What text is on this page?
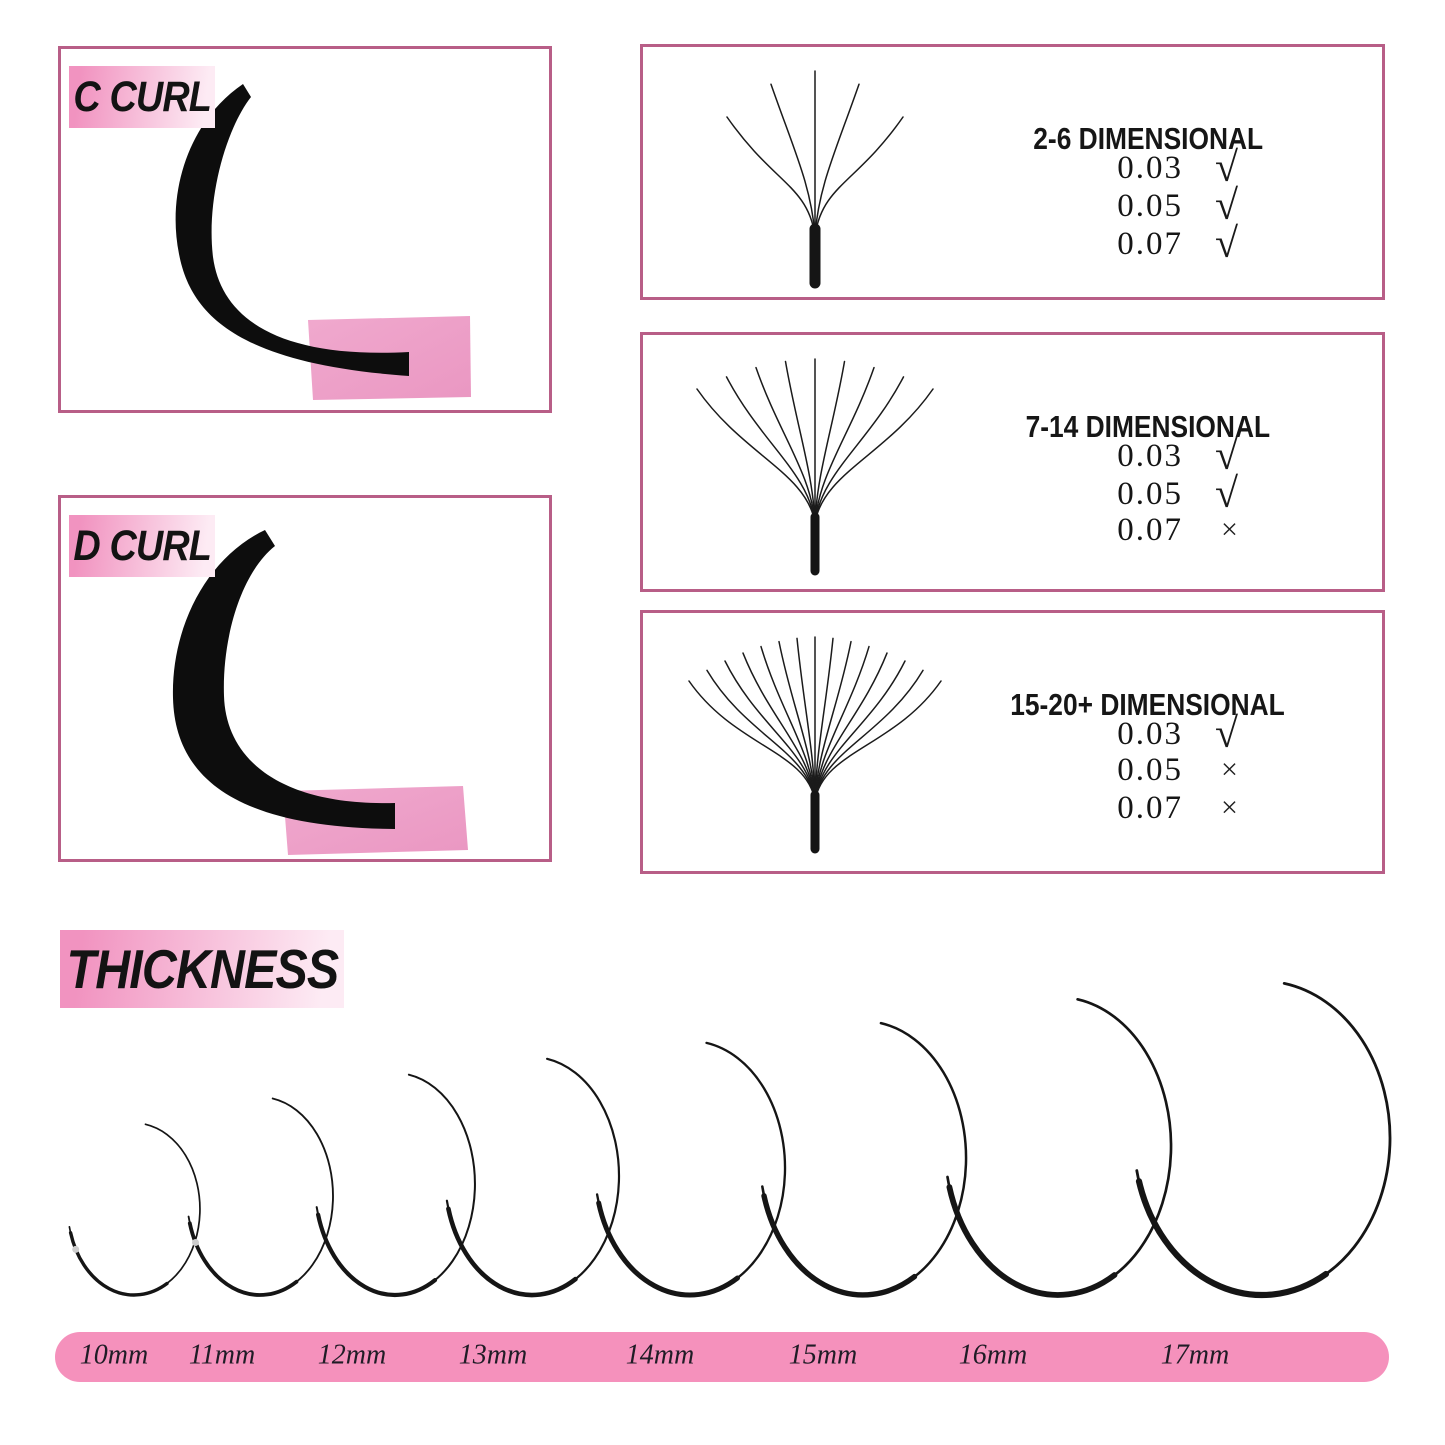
C CURL
D CURL
2-6 DIMENSIONAL
0.03 √
0.05 √
0.07 √
7-14 DIMENSIONAL
0.03 √
0.05 √
0.07 ×
15-20+ DIMENSIONAL
0.03 √
0.05 ×
0.07 ×
THICKNESS
10mm 11mm 12mm	13mm	14mm	15mm	16mm	17mm
